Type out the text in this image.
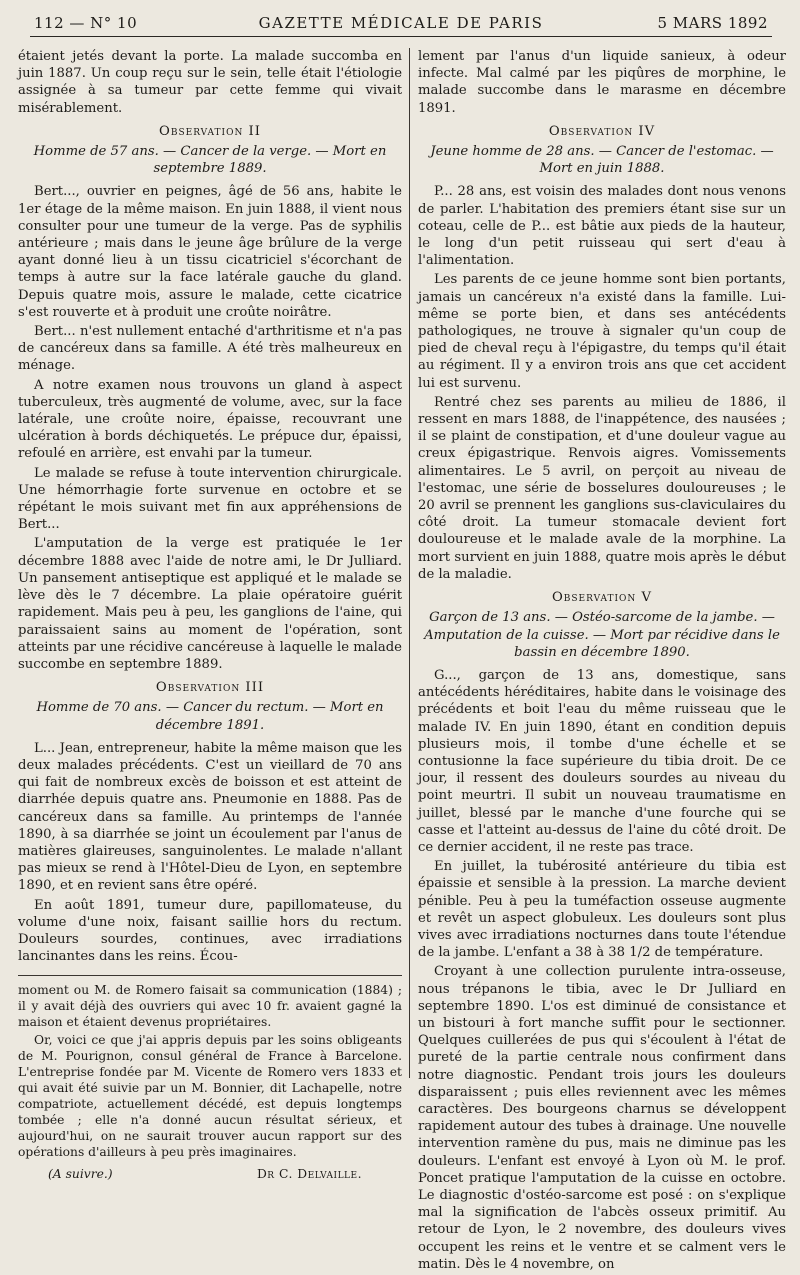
112 — N° 10	GAZETTE MÉDICALE DE PARIS	5 MARS 1892

étaient jetés devant la porte. La malade succomba en juin 1887. Un coup reçu sur le sein, telle était l'étiologie assignée à sa tumeur par cette femme qui vivait misérablement.

Observation II
Homme de 57 ans. — Cancer de la verge. — Mort en septembre 1889.

Bert..., ouvrier en peignes, âgé de 56 ans, habite le 1er étage de la même maison. En juin 1888, il vient nous consulter pour une tumeur de la verge. Pas de syphilis antérieure ; mais dans le jeune âge brûlure de la verge ayant donné lieu à un tissu cicatriciel s'écorchant de temps à autre sur la face latérale gauche du gland. Depuis quatre mois, assure le malade, cette cicatrice s'est rouverte et à produit une croûte noirâtre.

Bert... n'est nullement entaché d'arthritisme et n'a pas de cancéreux dans sa famille. A été très malheureux en ménage.

A notre examen nous trouvons un gland à aspect tuberculeux, très augmenté de volume, avec, sur la face latérale, une croûte noire, épaisse, recouvrant une ulcération à bords déchiquetés. Le prépuce dur, épaissi, refoulé en arrière, est envahi par la tumeur.

Le malade se refuse à toute intervention chirurgicale. Une hémorrhagie forte survenue en octobre et se répétant le mois suivant met fin aux appréhensions de Bert...

L'amputation de la verge est pratiquée le 1er décembre 1888 avec l'aide de notre ami, le Dr Julliard. Un pansement antiseptique est appliqué et le malade se lève dès le 7 décembre. La plaie opératoire guérit rapidement. Mais peu à peu, les ganglions de l'aine, qui paraissaient sains au moment de l'opération, sont atteints par une récidive cancéreuse à laquelle le malade succombe en septembre 1889.

Observation III
Homme de 70 ans. — Cancer du rectum. — Mort en décembre 1891.

L... Jean, entrepreneur, habite la même maison que les deux malades précédents. C'est un vieillard de 70 ans qui fait de nombreux excès de boisson et est atteint de diarrhée depuis quatre ans. Pneumonie en 1888. Pas de cancéreux dans sa famille. Au printemps de l'année 1890, à sa diarrhée se joint un écoulement par l'anus de matières glaireuses, sanguinolentes. Le malade n'allant pas mieux se rend à l'Hôtel-Dieu de Lyon, en septembre 1890, et en revient sans être opéré.

En août 1891, tumeur dure, papillomateuse, du volume d'une noix, faisant saillie hors du rectum. Douleurs sourdes, continues, avec irradiations lancinantes dans les reins. Écou-

moment ou M. de Romero faisait sa communication (1884) ; il y avait déjà des ouvriers qui avec 10 fr. avaient gagné la maison et étaient devenus propriétaires.

Or, voici ce que j'ai appris depuis par les soins obligeants de M. Pourignon, consul général de France à Barcelone. L'entreprise fondée par M. Vicente de Romero vers 1833 et qui avait été suivie par un M. Bonnier, dit Lachapelle, notre compatriote, actuellement décédé, est depuis longtemps tombée ; elle n'a donné aucun résultat sérieux, et aujourd'hui, on ne saurait trouver aucun rapport sur des opérations d'ailleurs à peu près imaginaires.

(A suivre.)	Dr C. Delvaille.

lement par l'anus d'un liquide sanieux, à odeur infecte. Mal calmé par les piqûres de morphine, le malade succombe dans le marasme en décembre 1891.

Observation IV
Jeune homme de 28 ans. — Cancer de l'estomac. — Mort en juin 1888.

P... 28 ans, est voisin des malades dont nous venons de parler. L'habitation des premiers étant sise sur un coteau, celle de P... est bâtie aux pieds de la hauteur, le long d'un petit ruisseau qui sert d'eau à l'alimentation.

Les parents de ce jeune homme sont bien portants, jamais un cancéreux n'a existé dans la famille. Lui-même se porte bien, et dans ses antécédents pathologiques, ne trouve à signaler qu'un coup de pied de cheval reçu à l'épigastre, du temps qu'il était au régiment. Il y a environ trois ans que cet accident lui est survenu.

Rentré chez ses parents au milieu de 1886, il ressent en mars 1888, de l'inappétence, des nausées ; il se plaint de constipation, et d'une douleur vague au creux épigastrique. Renvois aigres. Vomissements alimentaires. Le 5 avril, on perçoit au niveau de l'estomac, une série de bosselures douloureuses ; le 20 avril se prennent les ganglions sus-claviculaires du côté droit. La tumeur stomacale devient fort douloureuse et le malade avale de la morphine. La mort survient en juin 1888, quatre mois après le début de la maladie.

Observation V
Garçon de 13 ans. — Ostéo-sarcome de la jambe. — Amputation de la cuisse. — Mort par récidive dans le bassin en décembre 1890.

G..., garçon de 13 ans, domestique, sans antécédents héréditaires, habite dans le voisinage des précédents et boit l'eau du même ruisseau que le malade IV. En juin 1890, étant en condition depuis plusieurs mois, il tombe d'une échelle et se contusionne la face supérieure du tibia droit. De ce jour, il ressent des douleurs sourdes au niveau du point meurtri. Il subit un nouveau traumatisme en juillet, blessé par le manche d'une fourche qui se casse et l'atteint au-dessus de l'aine du côté droit. De ce dernier accident, il ne reste pas trace.

En juillet, la tubérosité antérieure du tibia est épaissie et sensible à la pression. La marche devient pénible. Peu à peu la tuméfaction osseuse augmente et revêt un aspect globuleux. Les douleurs sont plus vives avec irradiations nocturnes dans toute l'étendue de la jambe. L'enfant a 38 à 38 1/2 de température.

Croyant à une collection purulente intra-osseuse, nous trépanons le tibia, avec le Dr Julliard en septembre 1890. L'os est diminué de consistance et un bistouri à fort manche suffit pour le sectionner. Quelques cuillerées de pus qui s'écoulent à l'état de pureté de la partie centrale nous confirment dans notre diagnostic. Pendant trois jours les douleurs disparaissent ; puis elles reviennent avec les mêmes caractères. Des bourgeons charnus se développent rapidement autour des tubes à drainage. Une nouvelle intervention ramène du pus, mais ne diminue pas les douleurs. L'enfant est envoyé à Lyon où M. le prof. Poncet pratique l'amputation de la cuisse en octobre. Le diagnostic d'ostéo-sarcome est posé : on s'explique mal la signification de l'abcès osseux primitif. Au retour de Lyon, le 2 novembre, des douleurs vives occupent les reins et le ventre et se calment vers le matin. Dès le 4 novembre, on
